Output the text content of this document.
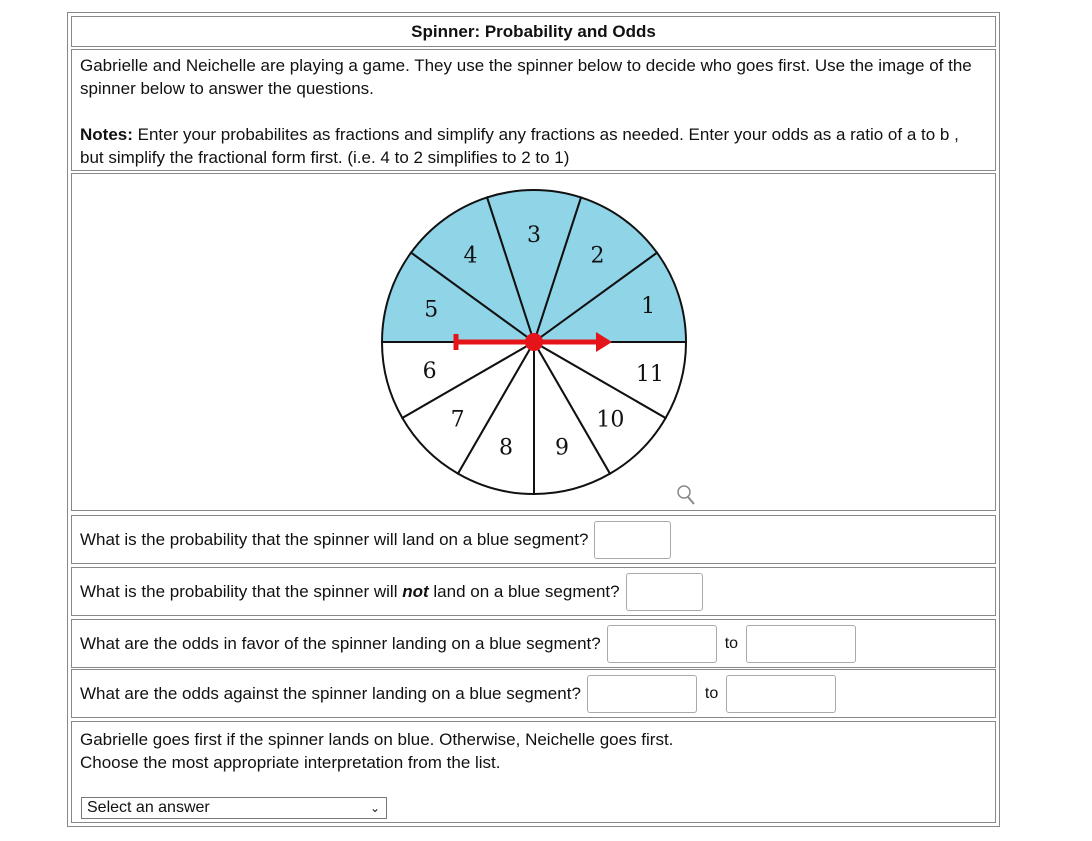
Spinner: Probability and Odds

Gabrielle and Neichelle are playing a game. They use the spinner below to decide who goes first. Use the image of the spinner below to answer the questions.

Notes: Enter your probabilites as fractions and simplify any fractions as needed. Enter your odds as a ratio of a to b , but simplify the fractional form first. (i.e. 4 to 2 simplifies to 2 to 1)

1
2
3
4
5
6
7
8 9
10
11
What is the probability that the spinner will land on a blue segment?
What is the probability that the spinner will not land on a blue segment?
What are the odds in favor of the spinner landing on a blue segment?	to
What are the odds against the spinner landing on a blue segment?	to

Gabrielle goes first if the spinner lands on blue. Otherwise, Neichelle goes first.

Choose the most appropriate interpretation from the list.

Select an answer	⌄
